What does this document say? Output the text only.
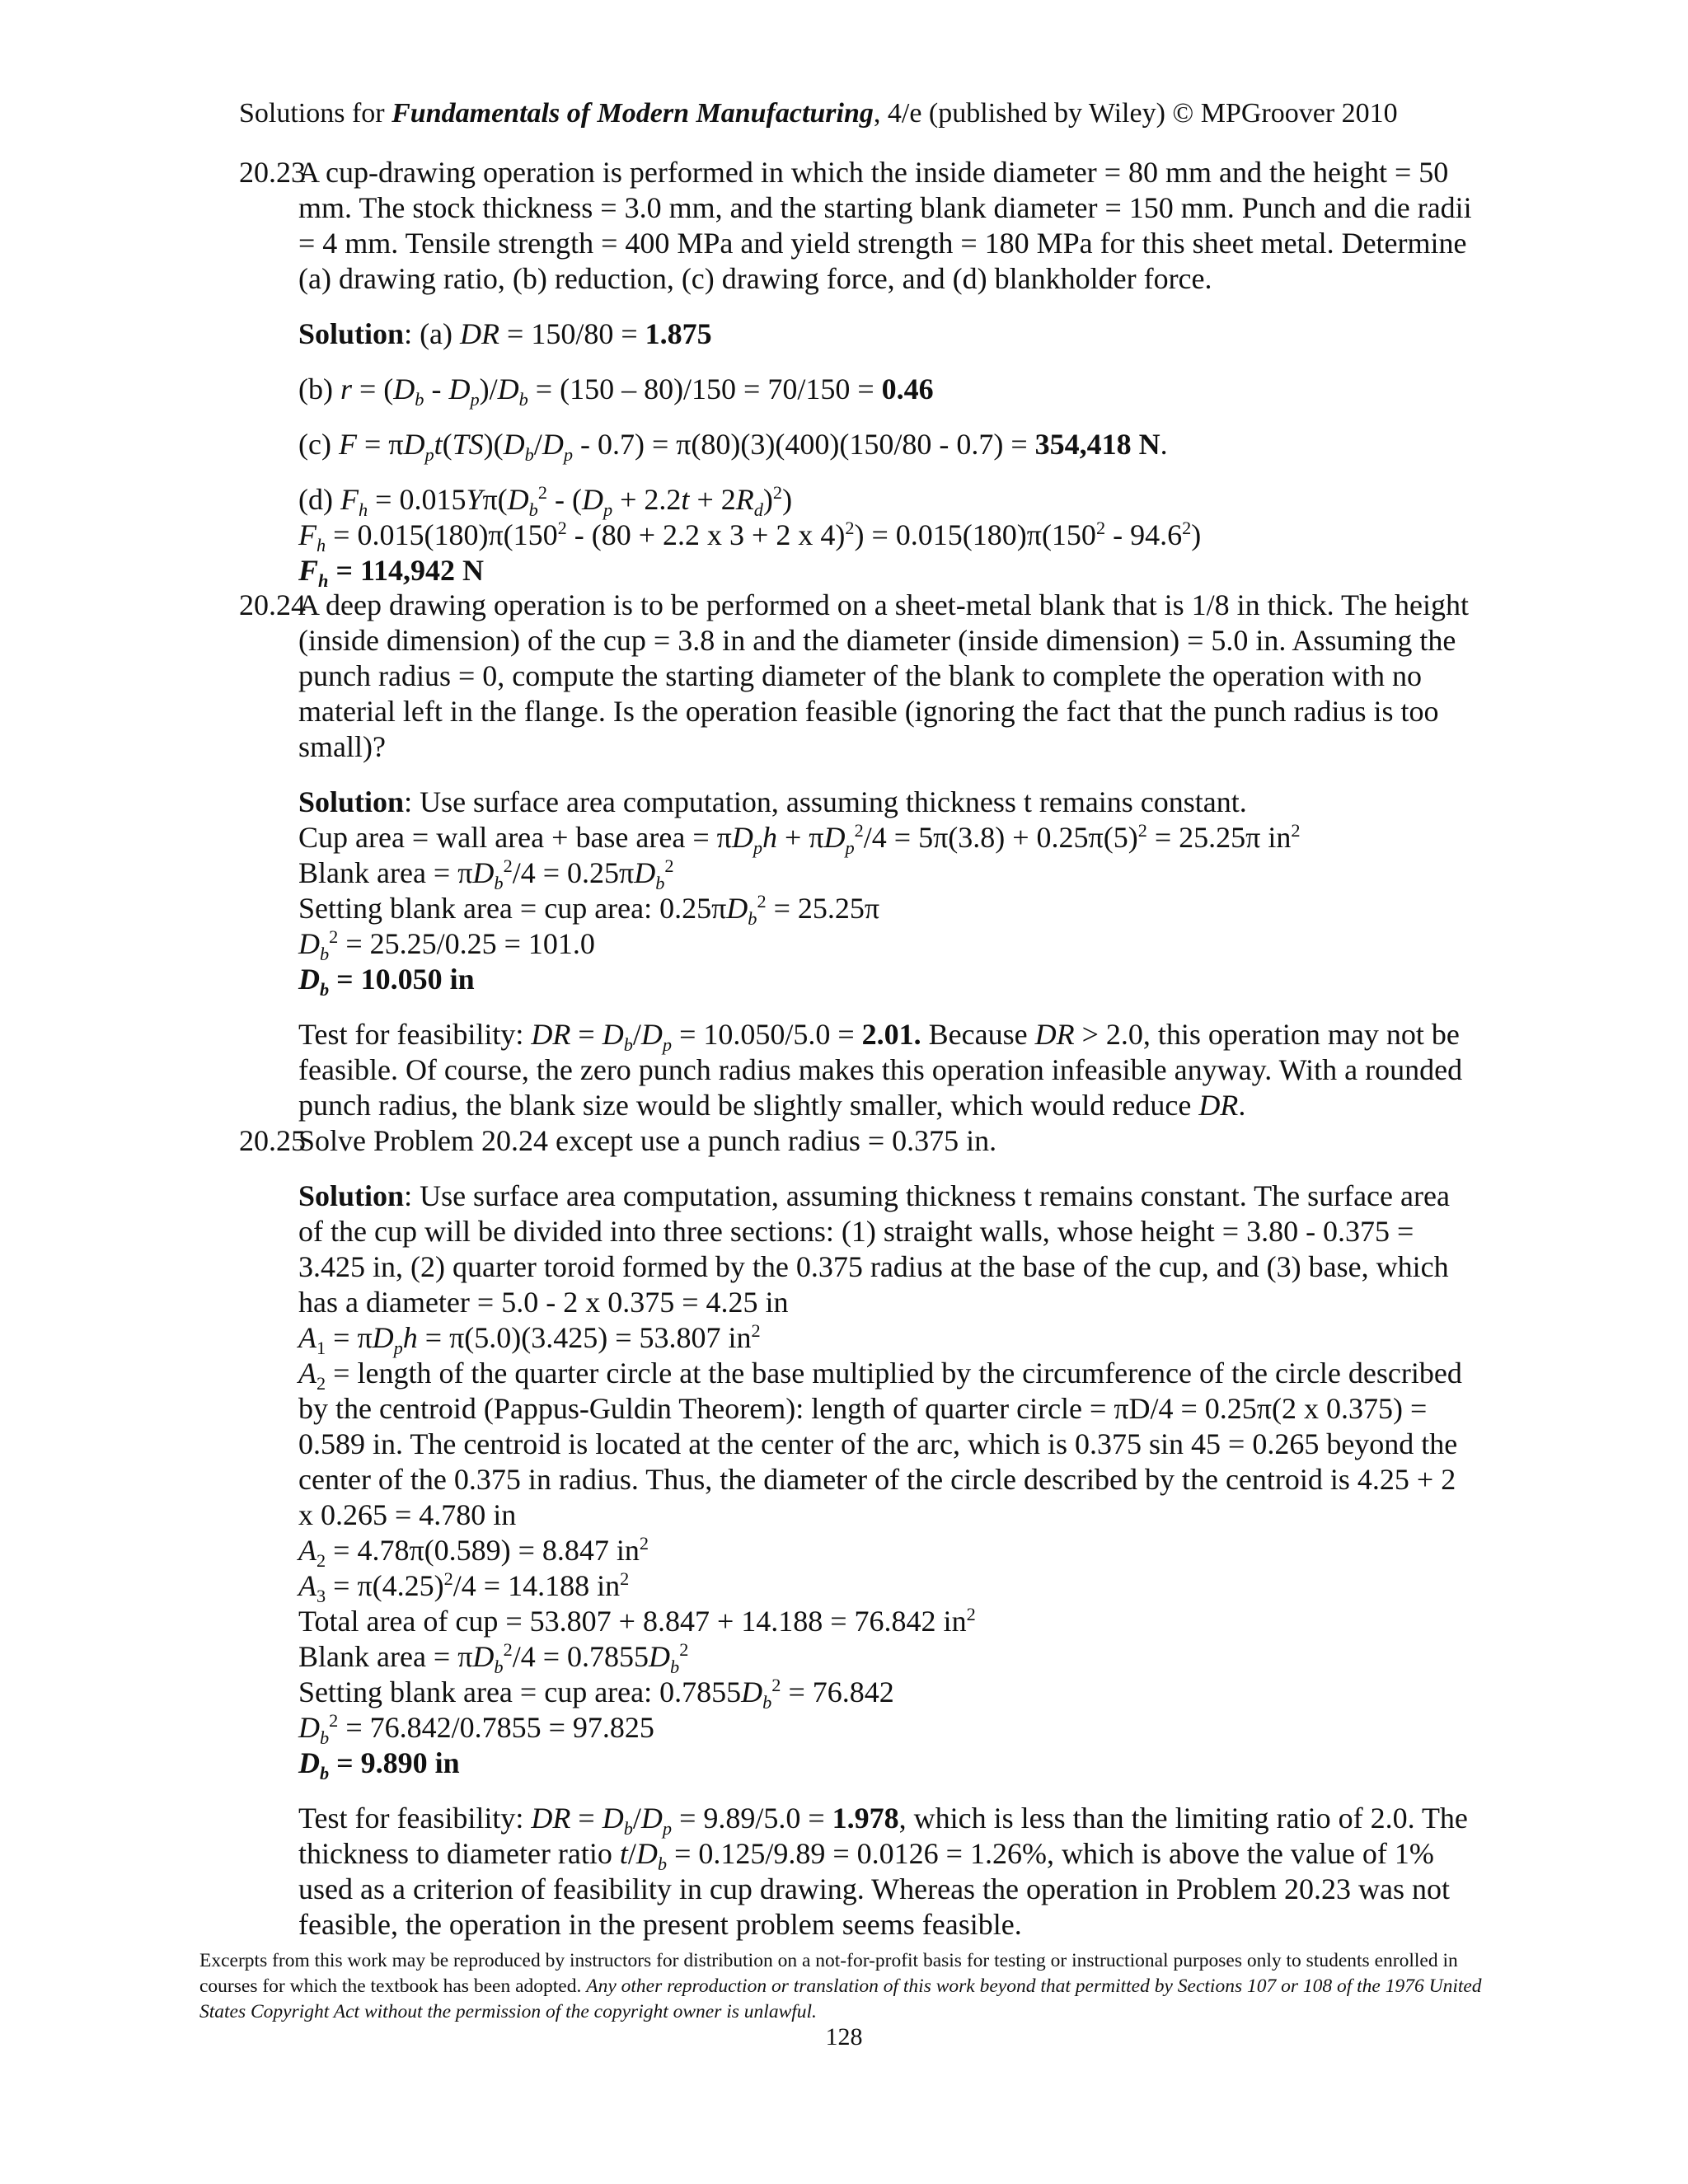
Solutions for Fundamentals of Modern Manufacturing, 4/e (published by Wiley) © MPGroover 2010
20.23

A cup-drawing operation is performed in which the inside diameter = 80 mm and the height = 50 mm. The stock thickness = 3.0 mm, and the starting blank diameter = 150 mm. Punch and die radii = 4 mm. Tensile strength = 400 MPa and yield strength = 180 MPa for this sheet metal. Determine (a) drawing ratio, (b) reduction, (c) drawing force, and (d) blankholder force.

Solution: (a) DR = 150/80 = 1.875

(b) $r = (D_b - D_p)/D_b = (150 - 80)/150 = 70/150 = 0.46$

(c) $F = \pi D_pt(TS)(D_b/D_p - 0.7) = \pi(80)(3)(400)(150/80 - 0.7) = 354,418$ N.

(d) $F_h = 0.015Y\pi(D_b^2 - (D_p + 2.2t + 2R_d)^2)$

$F_h = 0.015(180)\pi(150^2 - (80 + 2.2$ x 3 + 2 x $4)^2) = 0.015(180)\pi(150^2 - 94.6^2)$

$F_h = 114,942$ N

20.24

A deep drawing operation is to be performed on a sheet-metal blank that is 1/8 in thick. The height (inside dimension) of the cup = 3.8 in and the diameter (inside dimension) = 5.0 in. Assuming the punch radius = 0, compute the starting diameter of the blank to complete the operation with no material left in the flange. Is the operation feasible (ignoring the fact that the punch radius is too small)?

Solution: Use surface area computation, assuming thickness t remains constant.

Cup area = wall area + base area = $\pi D_ph + \pi D_p^2/4 = 5\pi(3.8) + 0.25\pi(5)^2 = 25.25\pi$ $in^2$

Blank area = $\pi D_b^2/4 = 0.25\pi D_b^2$

Setting blank area = cup area: $0.25\pi D_b^2 = 25.25\pi$

$D_b^2 = 25.25/0.25 = 101.0$

$D_b = 10.050$ in

Test for feasibility: DR = $D_b/D_p = 10.050/5.0 = 2.01$. Because DR > 2.0, this operation may not be feasible. Of course, the zero punch radius makes this operation infeasible anyway. With a rounded punch radius, the blank size would be slightly smaller, which would reduce DR.

20.25

Solve Problem 20.24 except use a punch radius = 0.375 in.

Solution: Use surface area computation, assuming thickness t remains constant. The surface area of the cup will be divided into three sections: (1) straight walls, whose height = 3.80 - 0.375 = 3.425 in, (2) quarter toroid formed by the 0.375 radius at the base of the cup, and (3) base, which has a diameter = 5.0 - 2 x 0.375 = 4.25 in

$A_1 = \pi D_ph = \pi(5.0)(3.425) = 53.807$ $in^2$

$A_2$ = length of the quarter circle at the base multiplied by the circumference of the circle described by the centroid (Pappus-Guldin Theorem): length of quarter circle = πD/4 = 0.25π(2 x 0.375) = 0.589 in. The centroid is located at the center of the arc, which is 0.375 sin 45 = 0.265 beyond the center of the 0.375 in radius. Thus, the diameter of the circle described by the centroid is 4.25 + 2 x 0.265 = 4.780 in

$A_2 = 4.78\pi(0.589) = 8.847$ $in^2$

$A_3 = \pi(4.25)^2/4 = 14.188$ $in^2$

Total area of cup = 53.807 + 8.847 + 14.188 = 76.842 $in^2$

Blank area = $\pi D_b^2/4 = 0.7855D_b^2$

Setting blank area = cup area: $0.7855D_b^2 = 76.842$

$D_b^2 = 76.842/0.7855 = 97.825$

$D_b = 9.890$ in

Test for feasibility: DR = $D_b/D_p = 9.89/5.0 = 1.978$, which is less than the limiting ratio of 2.0. The thickness to diameter ratio $t/D_b = 0.125/9.89 = 0.0126 = 1.26\%$, which is above the value of 1% used as a criterion of feasibility in cup drawing. Whereas the operation in Problem 20.23 was not feasible, the operation in the present problem seems feasible.

Excerpts from this work may be reproduced by instructors for distribution on a not-for-profit basis for testing or instructional purposes only to students enrolled in courses for which the textbook has been adopted. Any other reproduction or translation of this work beyond that permitted by Sections 107 or 108 of the 1976 United States Copyright Act without the permission of the copyright owner is unlawful.

128
